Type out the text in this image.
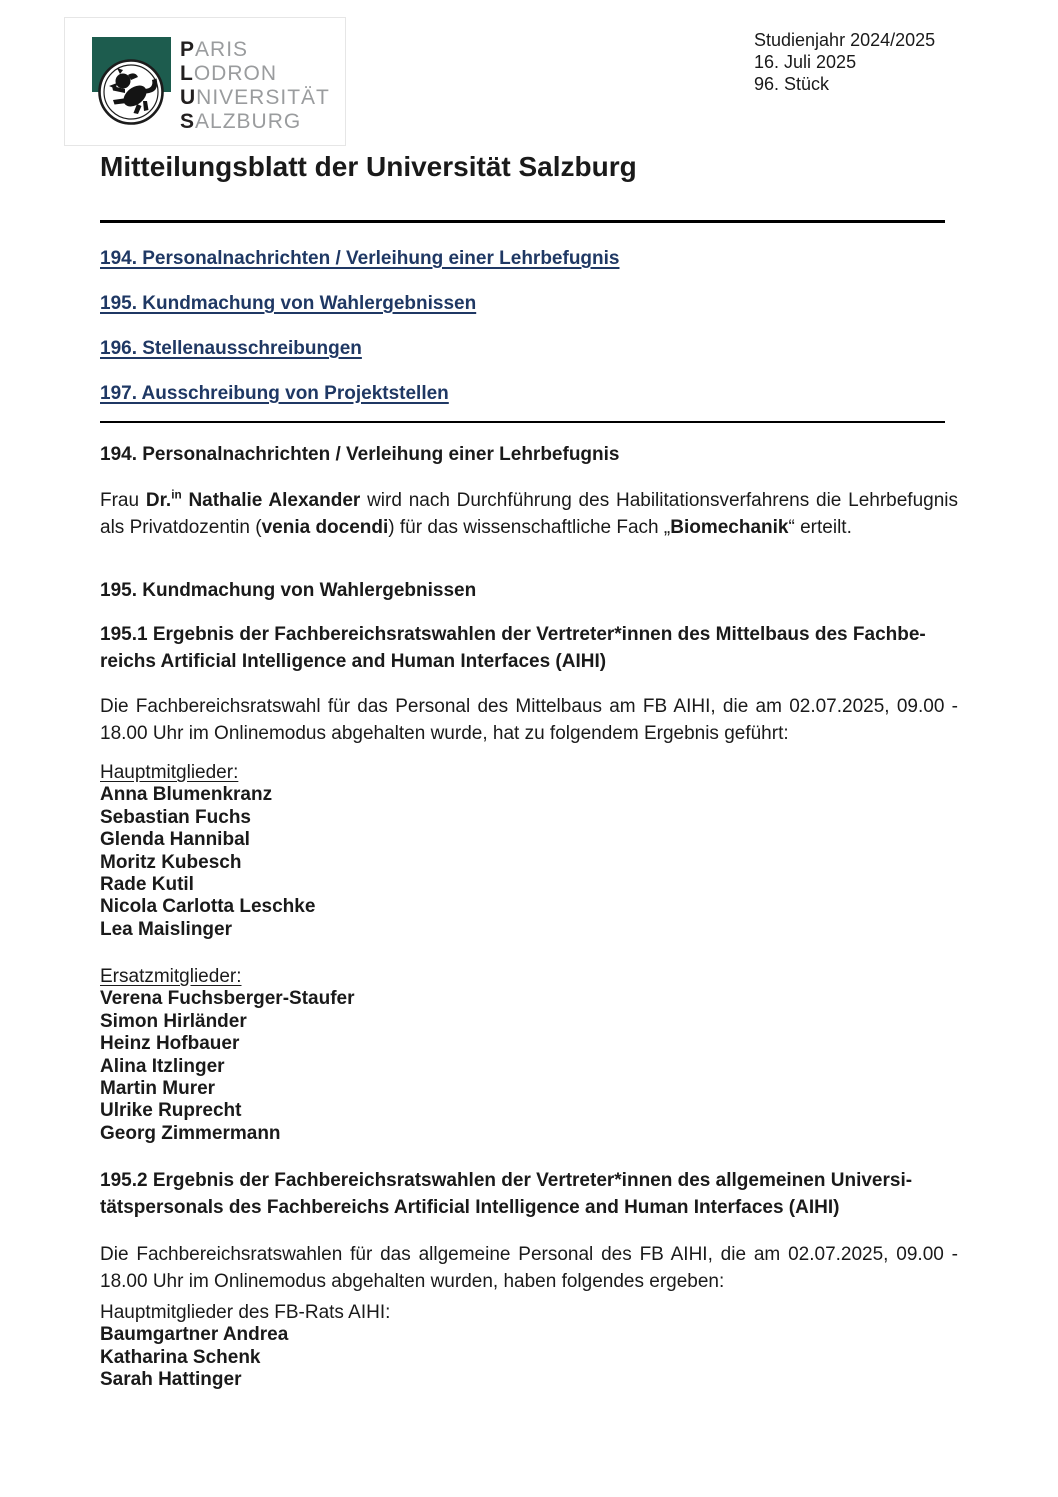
PARIS
LODRON
UNIVERSITÄT
SALZBURG
Studienjahr 2024/2025
16. Juli 2025
96. Stück
Mitteilungsblatt der Universität Salzburg
194. Personalnachrichten / Verleihung einer Lehrbefugnis
195. Kundmachung von Wahlergebnissen
196. Stellenausschreibungen
197. Ausschreibung von Projektstellen
194. Personalnachrichten / Verleihung einer Lehrbefugnis

Frau Dr.$^{in}$ Nathalie Alexander wird nach Durchführung des Habilitationsverfahrens die Lehrbefugnis als Privatdozentin (venia docendi) für das wissenschaftliche Fach „Biomechanik“ erteilt.

195. Kundmachung von Wahlergebnissen
195.1 Ergebnis der Fachbereichsratswahlen der Vertreter*innen des Mittelbaus des Fachbe-
reichs Artificial Intelligence and Human Interfaces (AIHI)

Die Fachbereichsratswahl für das Personal des Mittelbaus am FB AIHI, die am 02.07.2025, 09.00 - 18.00 Uhr im Onlinemodus abgehalten wurde, hat zu folgendem Ergebnis geführt:

Hauptmitglieder:
Anna Blumenkranz
Sebastian Fuchs
Glenda Hannibal
Moritz Kubesch
Rade Kutil
Nicola Carlotta Leschke
Lea Maislinger
Ersatzmitglieder:
Verena Fuchsberger-Staufer
Simon Hirländer
Heinz Hofbauer
Alina Itzlinger
Martin Murer
Ulrike Ruprecht
Georg Zimmermann
195.2 Ergebnis der Fachbereichsratswahlen der Vertreter*innen des allgemeinen Universi-
tätspersonals des Fachbereichs Artificial Intelligence and Human Interfaces (AIHI)

Die Fachbereichsratswahlen für das allgemeine Personal des FB AIHI, die am 02.07.2025, 09.00 - 18.00 Uhr im Onlinemodus abgehalten wurden, haben folgendes ergeben:

Hauptmitglieder des FB-Rats AIHI:
Baumgartner Andrea
Katharina Schenk
Sarah Hattinger
